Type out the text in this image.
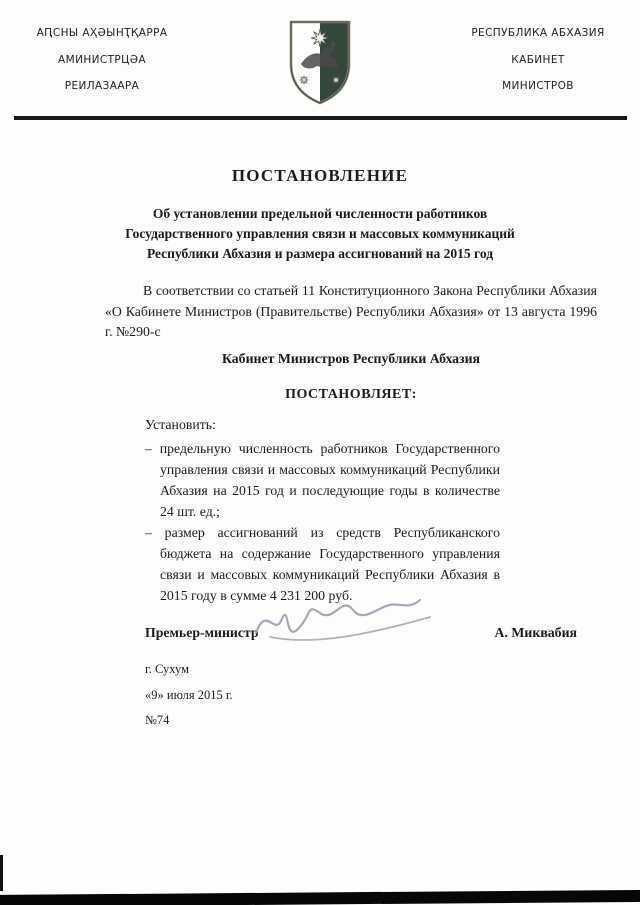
АԤСНЫ АҲӘЫНҬҚАРРА
АМИНИСТРЦӘА
РЕИЛАЗААРА
РЕСПУБЛИКА АБХАЗИЯ
КАБИНЕТ
МИНИСТРОВ
ПОСТАНОВЛЕНИЕ
Об установлении предельной численности работников
Государственного управления связи и массовых коммуникаций
Республики Абхазия и размера ассигнований на 2015 год

В соответствии со статьей 11 Конституционного Закона Республики Абхазия «О Кабинете Министров (Правительстве) Республики Абхазия» от 13 августа 1996 г. №290-с

Кабинет Министров Республики Абхазия
ПОСТАНОВЛЯЕТ:
Установить:

– предельную численность работников Государственного управления связи и массовых коммуникаций Республики Абхазия на 2015 год и последующие годы в количестве 24 шт. ед.;

– размер ассигнований из средств Республиканского бюджета на содержание Государственного управления связи и массовых коммуникаций Республики Абхазия в 2015 году в сумме 4 231 200 руб.

Премьер-министр	А. Миквабия
г. Сухум
«9» июля 2015 г.
№74
